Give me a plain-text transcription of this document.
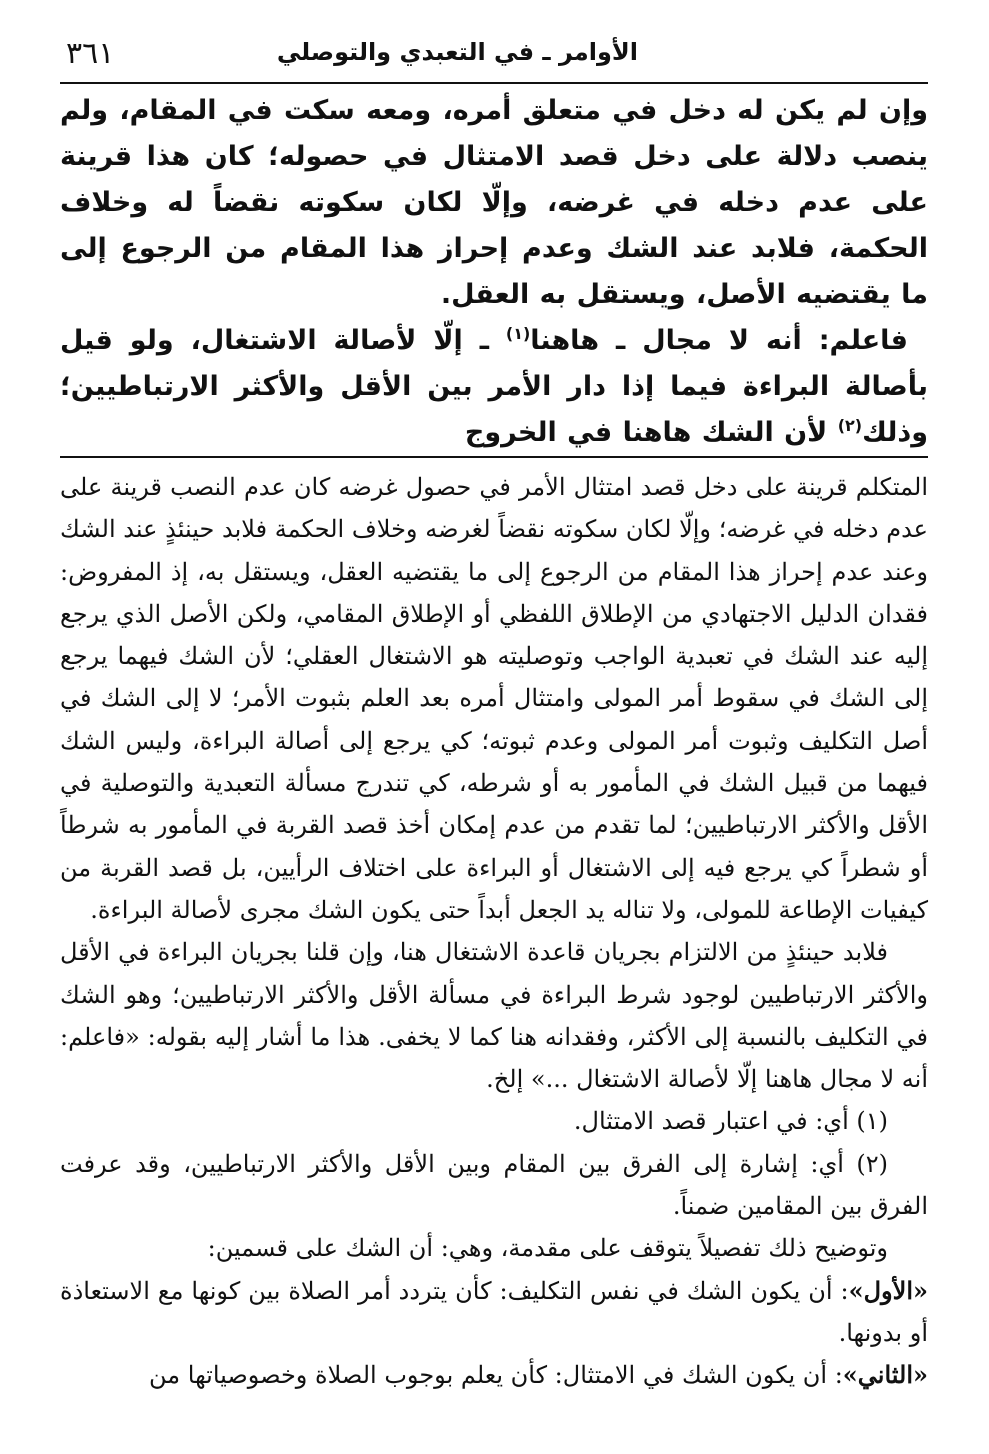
الأوامر ـ في التعبدي والتوصلي
٣٦١

وإن لم يكن له دخل في متعلق أمره، ومعه سكت في المقام، ولم ينصب دلالة على دخل قصد الامتثال في حصوله؛ كان هذا قرينة على عدم دخله في غرضه، وإلّا لكان سكوته نقضاً له وخلاف الحكمة، فلابد عند الشك وعدم إحراز هذا المقام من الرجوع إلى ما يقتضيه الأصل، ويستقل به العقل.

فاعلم: أنه لا مجال ـ هاهنا$^{(١)}$ ـ إلّا لأصالة الاشتغال، ولو قيل بأصالة البراءة فيما إذا دار الأمر بين الأقل والأكثر الارتباطيين؛ وذلك$^{(٢)}$ لأن الشك هاهنا في الخروج

المتكلم قرينة على دخل قصد امتثال الأمر في حصول غرضه كان عدم النصب قرينة على عدم دخله في غرضه؛ وإلّا لكان سكوته نقضاً لغرضه وخلاف الحكمة فلابد حينئذٍ عند الشك وعند عدم إحراز هذا المقام من الرجوع إلى ما يقتضيه العقل، ويستقل به، إذ المفروض: فقدان الدليل الاجتهادي من الإطلاق اللفظي أو الإطلاق المقامي، ولكن الأصل الذي يرجع إليه عند الشك في تعبدية الواجب وتوصليته هو الاشتغال العقلي؛ لأن الشك فيهما يرجع إلى الشك في سقوط أمر المولى وامتثال أمره بعد العلم بثبوت الأمر؛ لا إلى الشك في أصل التكليف وثبوت أمر المولى وعدم ثبوته؛ كي يرجع إلى أصالة البراءة، وليس الشك فيهما من قبيل الشك في المأمور به أو شرطه، كي تندرج مسألة التعبدية والتوصلية في الأقل والأكثر الارتباطيين؛ لما تقدم من عدم إمكان أخذ قصد القربة في المأمور به شرطاً أو شطراً كي يرجع فيه إلى الاشتغال أو البراءة على اختلاف الرأيين، بل قصد القربة من كيفيات الإطاعة للمولى، ولا تناله يد الجعل أبداً حتى يكون الشك مجرى لأصالة البراءة.

فلابد حينئذٍ من الالتزام بجريان قاعدة الاشتغال هنا، وإن قلنا بجريان البراءة في الأقل والأكثر الارتباطيين لوجود شرط البراءة في مسألة الأقل والأكثر الارتباطيين؛ وهو الشك في التكليف بالنسبة إلى الأكثر، وفقدانه هنا كما لا يخفى. هذا ما أشار إليه بقوله: «فاعلم: أنه لا مجال هاهنا إلّا لأصالة الاشتغال ...» إلخ.

(١) أي: في اعتبار قصد الامتثال.

(٢) أي: إشارة إلى الفرق بين المقام وبين الأقل والأكثر الارتباطيين، وقد عرفت الفرق بين المقامين ضمناً.

وتوضيح ذلك تفصيلاً يتوقف على مقدمة، وهي: أن الشك على قسمين:

«الأول»: أن يكون الشك في نفس التكليف: كأن يتردد أمر الصلاة بين كونها مع الاستعاذة أو بدونها.

«الثاني»: أن يكون الشك في الامتثال: كأن يعلم بوجوب الصلاة وخصوصياتها من
